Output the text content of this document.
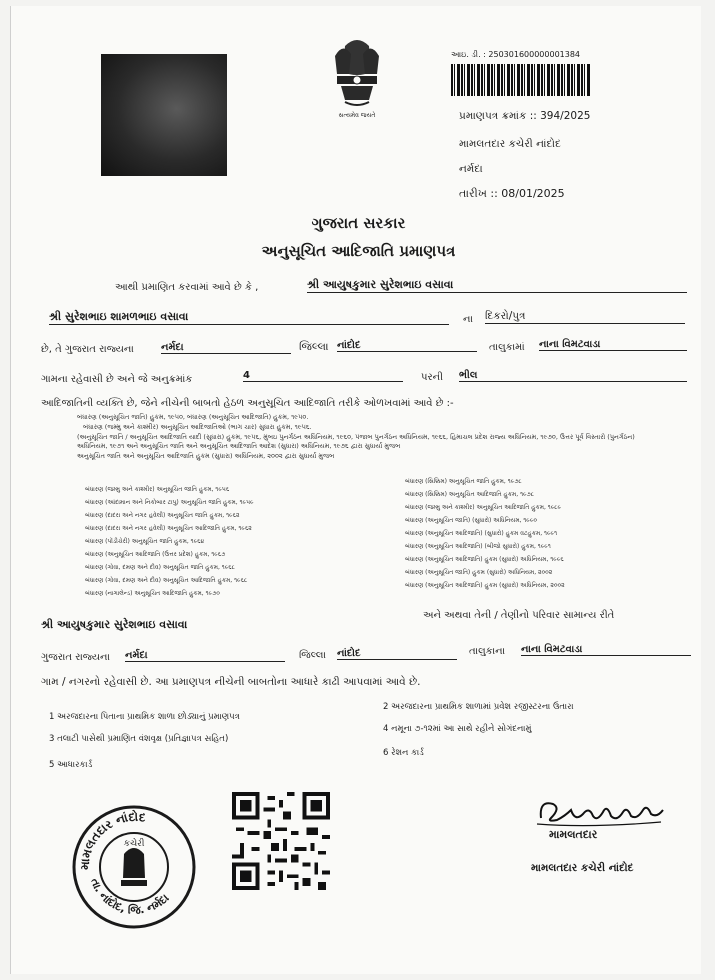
સત્યમેવ જયતે
આઇ. ડી. : 250301600000001384
પ્રમાણપત્ર ક્રમાંક :: 394/2025
મામલતદાર કચેરી નાંદોદ
નર્મદા
તારીખ :: 08/01/2025
ગુજરાત સરકાર
અનુસૂચિત આદિજાતિ પ્રમાણપત્ર
આથી પ્રમાણિત કરવામાં આવે છે કે ,	શ્રી આયુષકુમાર સુરેશભાઇ વસાવા
શ્રી સુરેશભાઇ શામળભાઇ વસાવા	ના દિકરો/પુત્ર
છે, તે ગુજરાત રાજ્યના	નર્મદા	જિલ્લા નાંદોદ	તાલુકામાં નાના વિમટવાડા
ગામના રહેવાસી છે અને જે અનુક્રમાંક	4	પરની ભીલ
આદિજાતિની વ્યક્તિ છે, જેને નીચેની બાબતો હેઠળ અનુસૂચિત આદિજાતિ તરીકે ઓળખવામાં આવે છે :-
બંધારણ (અનુસૂચિત જાતિ) હુકમ, ૧૯૫૦, બંધારણ (અનુસૂચિત આદિજાતિ) હુકમ, ૧૯૫૦.
બંધારણ (જમ્મુ અને કાશ્મીર) અનુસૂચિત આદિજાતિઓ (ભાગ ચાર) સુધારા હુકમ, ૧૯૫૬.
(અનુસૂચિત જાતિ / અનુસૂચિત આદિજાતિ યાદી (સુધારા) હુકમ, ૧૯૫૬, મુંબઇ પુનર્ગઠન અધિનિયમ, ૧૯૬૦, પંજાબ પુનર્ગઠન અધિનિયમ, ૧૯૬૬, હિમાચલ પ્રદેશ રાજ્ય અધિનિયમ, ૧૯૭૦, ઉત્તર પૂર્વ વિસ્તારો (પુનર્ગઠન)
અધિનિયમ, ૧૯૭૧ અને અનુસૂચિત જાતિ અને અનુસૂચિત આદિજાતિ આદેશ (સુધારા) અધિનિયમ, ૧૯૭૬ દ્વારા સુધાર્યા મુજબ
અનુસૂચિત જાતિ અને અનુસૂચિત આદિજાતિ હુકમ (સુધારા) અધિનિયમ, ૨૦૦૨ દ્વારા સુધાર્યા મુજબ
બંધારણ (જમ્મુ અને કાશ્મીર) અનુસૂચિત જાતિ હુકમ, ૧૯૫૬
બંધારણ (આંદામાન અને નિકોબાર ટાપુ) અનુસૂચિત જાતિ હુકમ, ૧૯૫૯
બંધારણ (દાદરા અને નગર હવેલી) અનુસૂચિત જાતિ હુકમ, ૧૯૬૨
બંધારણ (દાદરા અને નગર હવેલી) અનુસૂચિત આદિજાતિ હુકમ, ૧૯૬૨
બંધારણ (પોંડીચેરી) અનુસૂચિત જાતિ હુકમ, ૧૯૬૪
બંધારણ (અનુસૂચિત આદિજાતિ (ઉત્તર પ્રદેશ) હુકમ, ૧૯૬૭
બંધારણ (ગોવા, દમણ અને દીવ) અનુસૂચિત જાતિ હુકમ, ૧૯૬૮
બંધારણ (ગોવા, દમણ અને દીવ) અનુસૂચિત આદિજાતિ હુકમ, ૧૯૬૮
બંધારણ (નાગાલેન્ડ) અનુસૂચિત આદિજાતિ હુકમ, ૧૯૭૦
બંધારણ (સિક્કિમ) અનુસૂચિત જાતિ હુકમ, ૧૯૭૮
બંધારણ (સિક્કિમ) અનુસૂચિત આદિજાતિ હુકમ, ૧૯૭૮
બંધારણ (જમ્મુ અને કાશ્મીર) અનુસૂચિત આદિજાતિ હુકમ, ૧૯૮૯
બંધારણ (અનુસૂચિત જાતિ) (સુધારો) અધિનિયમ, ૧૯૯૦
બંધારણ (અનુસૂચિત આદિજાતિ) (સુધારો) હુકમ વટહુકમ, ૧૯૯૧
બંધારણ (અનુસૂચિત આદિજાતિ) (બીજો સુધારો) હુકમ, ૧૯૯૧
બંધારણ (અનુસૂચિત આદિજાતિ) હુકમ (સુધારો) અધિનિયમ, ૧૯૯૬
બંધારણ (અનુસૂચિત જાતિ) હુકમ (સુધારો) અધિનિયમ, ૨૦૦૨
બંધારણ (અનુસૂચિત આદિજાતિ) હુકમ (સુધારો) અધિનિયમ, ૨૦૦૨
શ્રી આયુષકુમાર સુરેશભાઇ વસાવા
અને અથવા તેની / તેણીનો પરિવાર સામાન્ય રીતે
ગુજરાત રાજ્યના નર્મદા	જિલ્લા નાંદોદ	તાલુકાના નાના વિમટવાડા
ગામ / નગરનો રહેવાસી છે. આ પ્રમાણપત્ર નીચેની બાબતોના આધારે કાઢી આપવામાં આવે છે.
1 અરજદારના પિતાના પ્રાથમિક શાળા છોડ્યાનું પ્રમાણપત્ર
2 અરજદારના પ્રાથમિક શાળામાં પ્રવેશ રજીસ્ટરના ઉતારા
3 તલાટી પાસેથી પ્રમાણિત વંશવૃક્ષ (પ્રતિજ્ઞાપત્ર સહિત)
4 નમૂના ૭-૧૨માં આ સાથે રહીને સોગંદનામું
5 આધારકાર્ડ
6 રેશન કાર્ડ
મામલતદાર નાંદોદ
તા. નાંદોદ, જિ. નર્મદા
કચેરી
Hemalkumar
મામલતદાર
મામલતદાર કચેરી નાંદોદ
